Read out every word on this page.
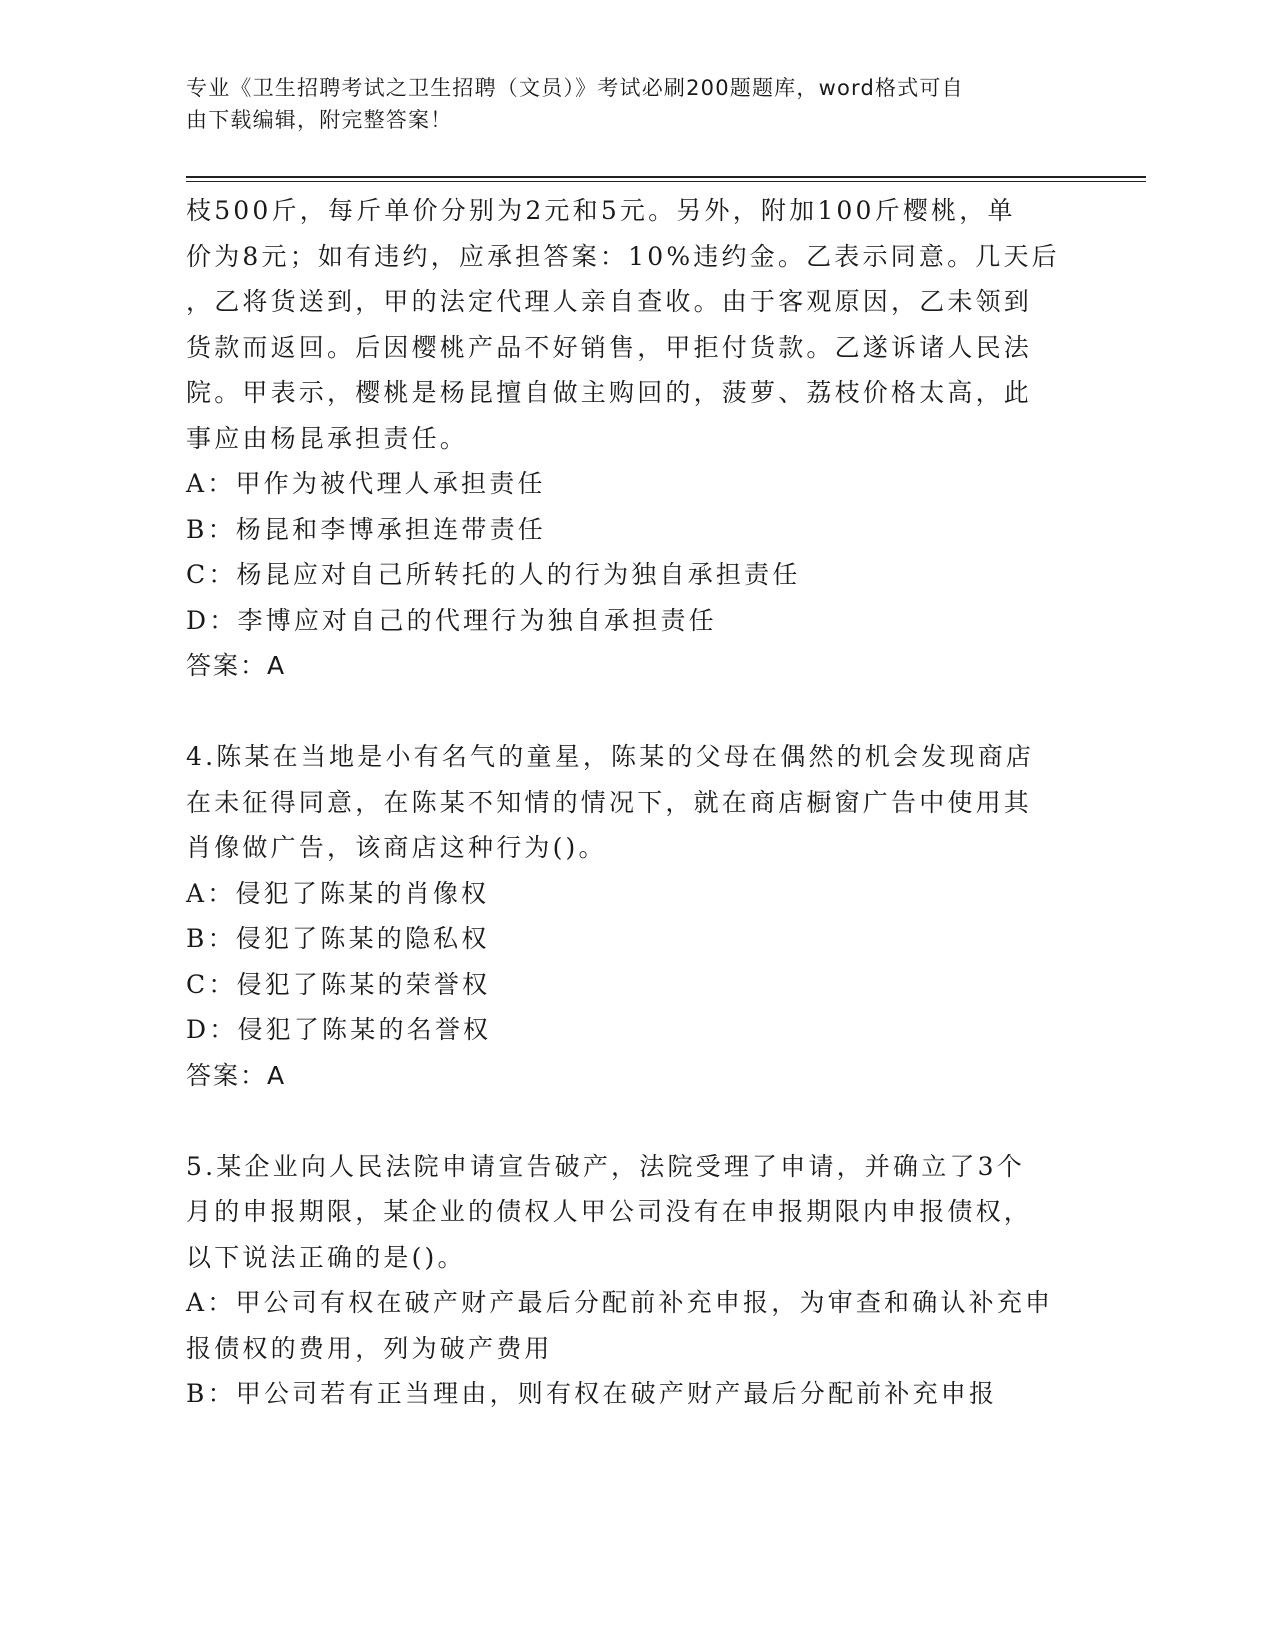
专业《卫生招聘考试之卫生招聘（文员）》考试必刷200题题库，word格式可自
由下载编辑，附完整答案！
枝500斤，每斤单价分别为2元和5元。另外，附加100斤樱桃，单
价为8元；如有违约，应承担答案：10%违约金。乙表示同意。几天后
，乙将货送到，甲的法定代理人亲自查收。由于客观原因，乙未领到
货款而返回。后因樱桃产品不好销售，甲拒付货款。乙遂诉诸人民法
院。甲表示，樱桃是杨昆擅自做主购回的，菠萝、荔枝价格太高，此
事应由杨昆承担责任。
A：甲作为被代理人承担责任
B：杨昆和李博承担连带责任
C：杨昆应对自己所转托的人的行为独自承担责任
D：李博应对自己的代理行为独自承担责任
答案：A
4.陈某在当地是小有名气的童星，陈某的父母在偶然的机会发现商店
在未征得同意，在陈某不知情的情况下，就在商店橱窗广告中使用其
肖像做广告，该商店这种行为()。
A：侵犯了陈某的肖像权
B：侵犯了陈某的隐私权
C：侵犯了陈某的荣誉权
D：侵犯了陈某的名誉权
答案：A
5.某企业向人民法院申请宣告破产，法院受理了申请，并确立了3个
月的申报期限，某企业的债权人甲公司没有在申报期限内申报债权，
以下说法正确的是()。
A：甲公司有权在破产财产最后分配前补充申报，为审查和确认补充申
报债权的费用，列为破产费用
B：甲公司若有正当理由，则有权在破产财产最后分配前补充申报
